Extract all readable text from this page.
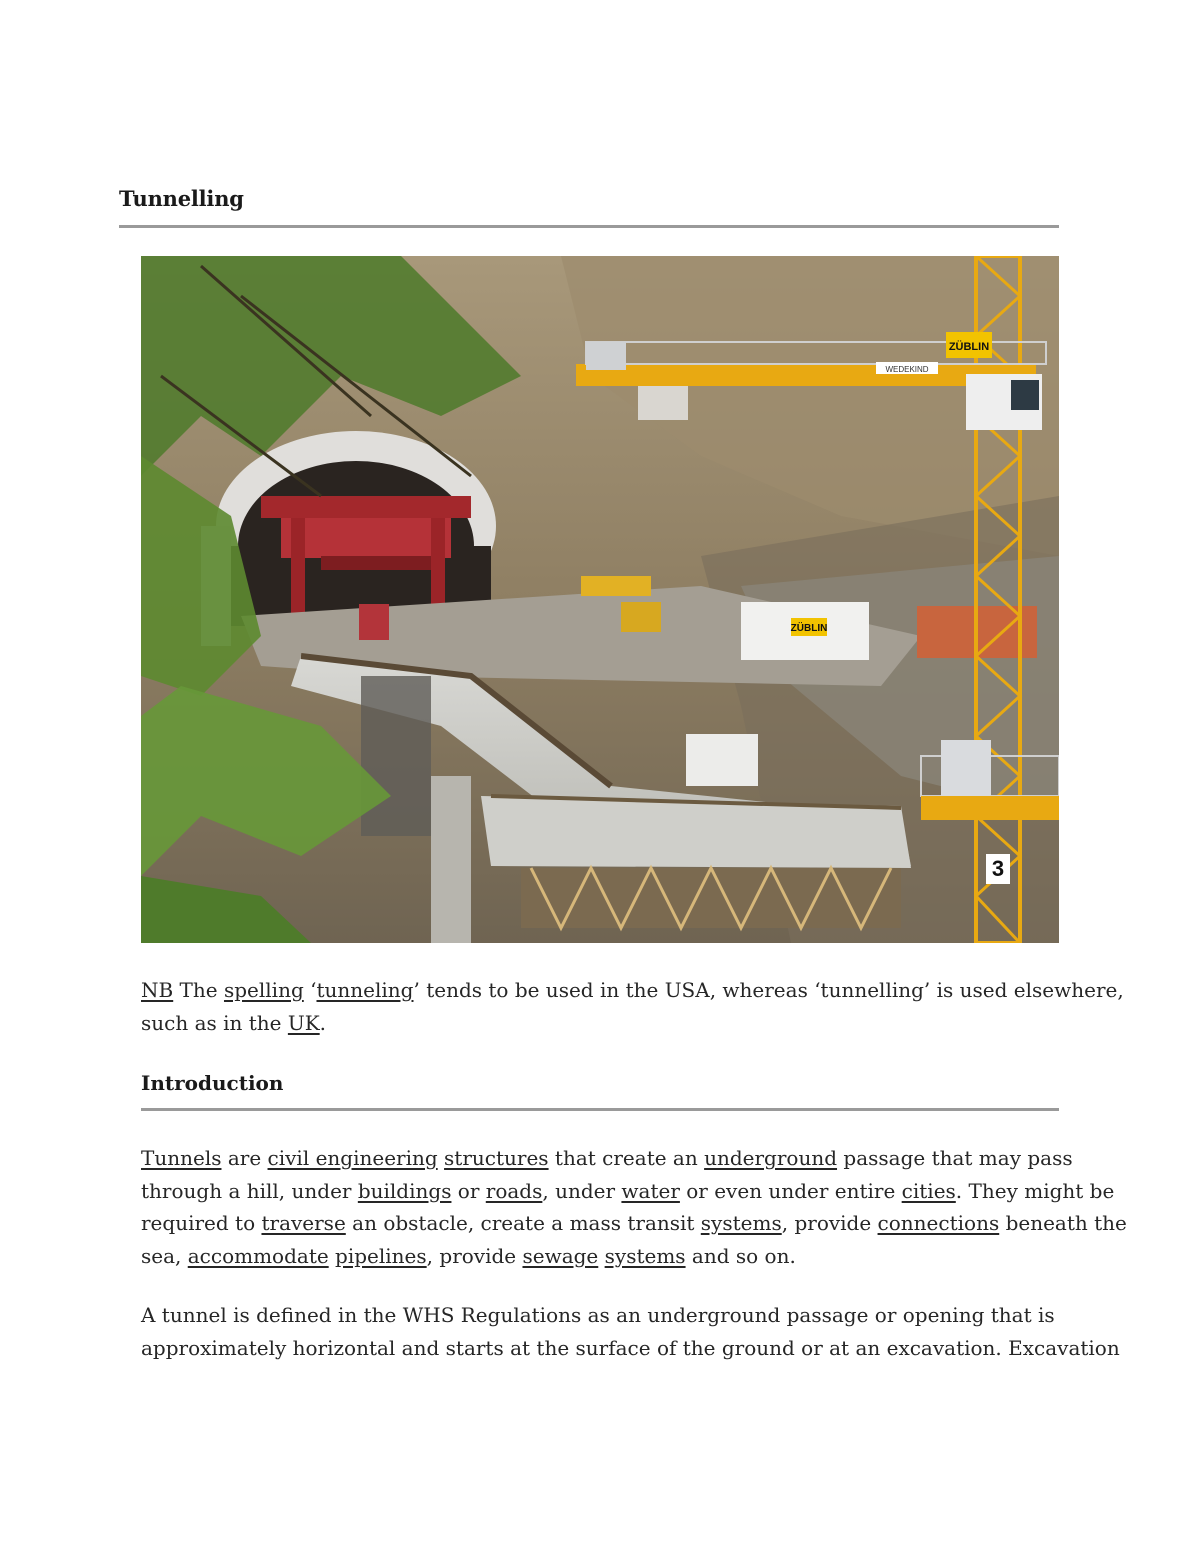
Tunnelling
ZÜBLIN
ZÜBLIN
WEDEKIND
3
NB The spelling ‘tunneling’ tends to be used in the USA, whereas ‘tunnelling’ is used elsewhere,
such as in the UK.
Introduction
Tunnels are civil engineering structures that create an underground passage that may pass
through a hill, under buildings or roads, under water or even under entire cities. They might be
required to traverse an obstacle, create a mass transit systems, provide connections beneath the
sea, accommodate pipelines, provide sewage systems and so on.
A tunnel is defined in the WHS Regulations as an underground passage or opening that is
approximately horizontal and starts at the surface of the ground or at an excavation. Excavation
